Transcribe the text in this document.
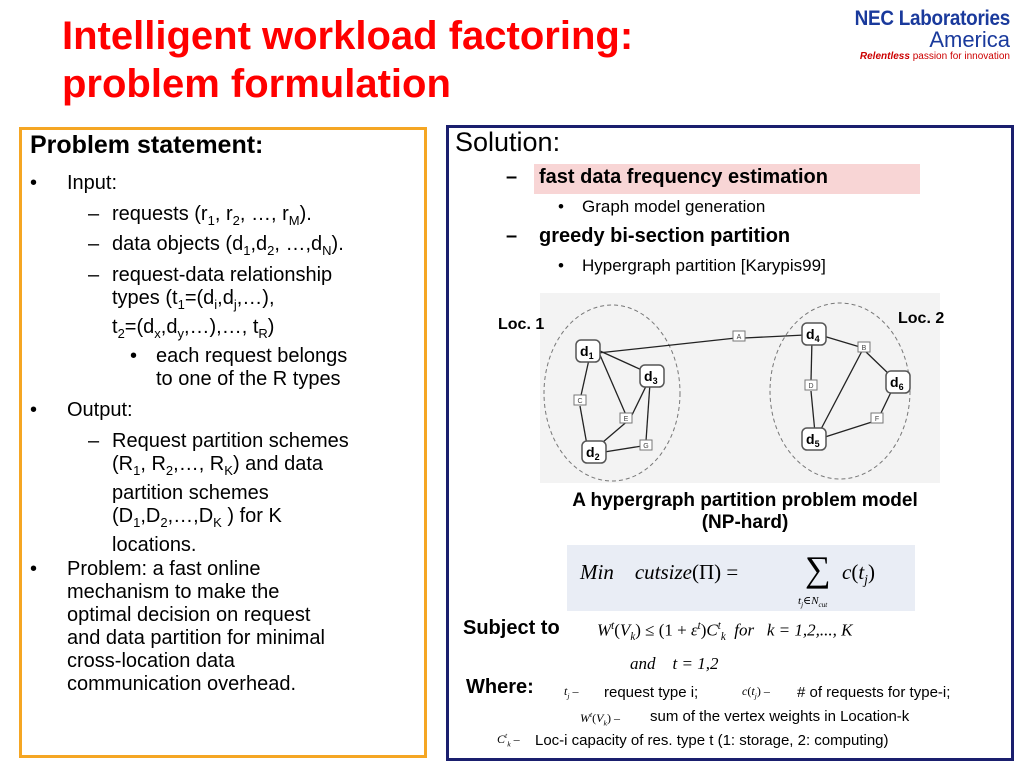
Intelligent workload factoring:
problem formulation
NEC Laboratories
America
Relentless passion for innovation
Problem statement:
• Input:
– requests ($r_1$, $r_2$, …, $r_M$).
– data objects ($d_1,d_2$, $\dots,d_N$).
– request-data relationship
types ($t_1=(d_i,d_j,\dots)$,
$t_2=(d_x,d_y,\dots),\dots$, $t_R$)
• each request belongs
to one of the R types
• Output:
– Request partition schemes
($R_1$, $R_2,\dots$, $R_K$) and data
partition schemes
($D_1,D_2,\dots,D_K$ ) for K
locations.
• Problem: a fast online
mechanism to make the
optimal decision on request
and data partition for minimal
cross-location data
communication overhead.
Solution:
– fast data frequency estimation
• Graph model generation
– greedy bi-section partition
• Hypergraph partition [Karypis99]
A
B
C
D
E	F
G
$d_1$
$d_3$
$d_2$
$d_4$
$d_6$
$d_5$
Loc. 1	Loc. 2
A hypergraph partition problem model
(NP-hard)
Min cutsize(Π) = ∑ $c(t_j)$
$t_j\in N_{cut}$
Subject to $W^t(V_k) \le (1 + \varepsilon^t)C^t_k$ for k = 1,2,..., K
and t = 1,2
Where:	$t_j$ – request type i;	$c(t_j)$ – # of requests for type-i;
$W^t(V_k)$ – sum of the vertex weights in Location-k
$C^t_k - Loc-i$ capacity of res. type t (1: storage, 2: computing)
